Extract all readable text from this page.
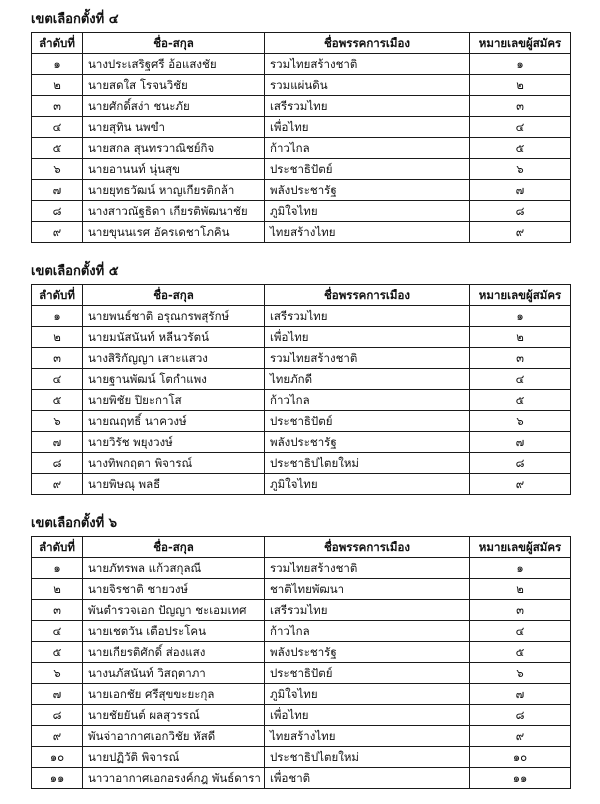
เขตเลือกตั้งที่ ๔
ลำดับที่	ชื่อ-สกุล	ชื่อพรรคการเมือง	หมายเลขผู้สมัคร
๑	นางประเสริฐศรี อ้อแสงชัย	รวมไทยสร้างชาติ	๑
๒	นายสดใส โรจนวิชัย	รวมแผ่นดิน	๒
๓	นายศักดิ์สง่า ชนะภัย	เสรีรวมไทย	๓
๔	นายสุทิน นพขำ	เพื่อไทย	๔
๕	นายสกล สุนทรวาณิชย์กิจ	ก้าวไกล	๕
๖	นายอานนท์ นุ่นสุข	ประชาธิปัตย์	๖
๗	นายยุทธวัฒน์ หาญเกียรติกล้า	พลังประชารัฐ	๗
๘	นางสาวณัฐธิดา เกียรติพัฒนาชัย	ภูมิใจไทย	๘
๙	นายขุนนเรศ อัครเดชาโภคิน	ไทยสร้างไทย	๙
เขตเลือกตั้งที่ ๕
ลำดับที่	ชื่อ-สกุล	ชื่อพรรคการเมือง	หมายเลขผู้สมัคร
๑	นายพนธ์ชาติ อรุณกรพสุรักษ์	เสรีรวมไทย	๑
๒	นายมนัสนันท์ หลีนวรัตน์	เพื่อไทย	๒
๓	นางสิริกัญญา เสาะแสวง	รวมไทยสร้างชาติ	๓
๔	นายฐานพัฒน์ โตกำแพง	ไทยภักดี	๔
๕	นายพิชัย ปิยะกาโส	ก้าวไกล	๕
๖	นายณฤทธิ์ นาควงษ์	ประชาธิปัตย์	๖
๗	นายวิรัช พยุงวงษ์	พลังประชารัฐ	๗
๘	นางทิพกฤตา พิจารณ์	ประชาธิปไตยใหม่	๘
๙	นายพิษณุ พลธี	ภูมิใจไทย	๙
เขตเลือกตั้งที่ ๖
ลำดับที่	ชื่อ-สกุล	ชื่อพรรคการเมือง	หมายเลขผู้สมัคร
๑	นายภัทรพล แก้วสกุลณี	รวมไทยสร้างชาติ	๑
๒	นายจิรชาติ ชายวงษ์	ชาติไทยพัฒนา	๒
๓	พันตำรวจเอก ปัญญา ชะเอมเทศ	เสรีรวมไทย	๓
๔	นายเชตวัน เตือประโคน	ก้าวไกล	๔
๕	นายเกียรติศักดิ์ ส่องแสง	พลังประชารัฐ	๕
๖	นางนภัสนันท์ วิสฤตาภา	ประชาธิปัตย์	๖
๗	นายเอกชัย ศรีสุขขะยะกุล	ภูมิใจไทย	๗
๘	นายชัยยันต์ ผลสุวรรณ์	เพื่อไทย	๘
๙	พันจ่าอากาศเอกวิชัย หัสดี	ไทยสร้างไทย	๙
๑๐	นายปฏิวัติ พิจารณ์	ประชาธิปไตยใหม่	๑๐
๑๑	นาวาอากาศเอกอรงค์กฎ พันธ์ดารา	เพื่อชาติ	๑๑
